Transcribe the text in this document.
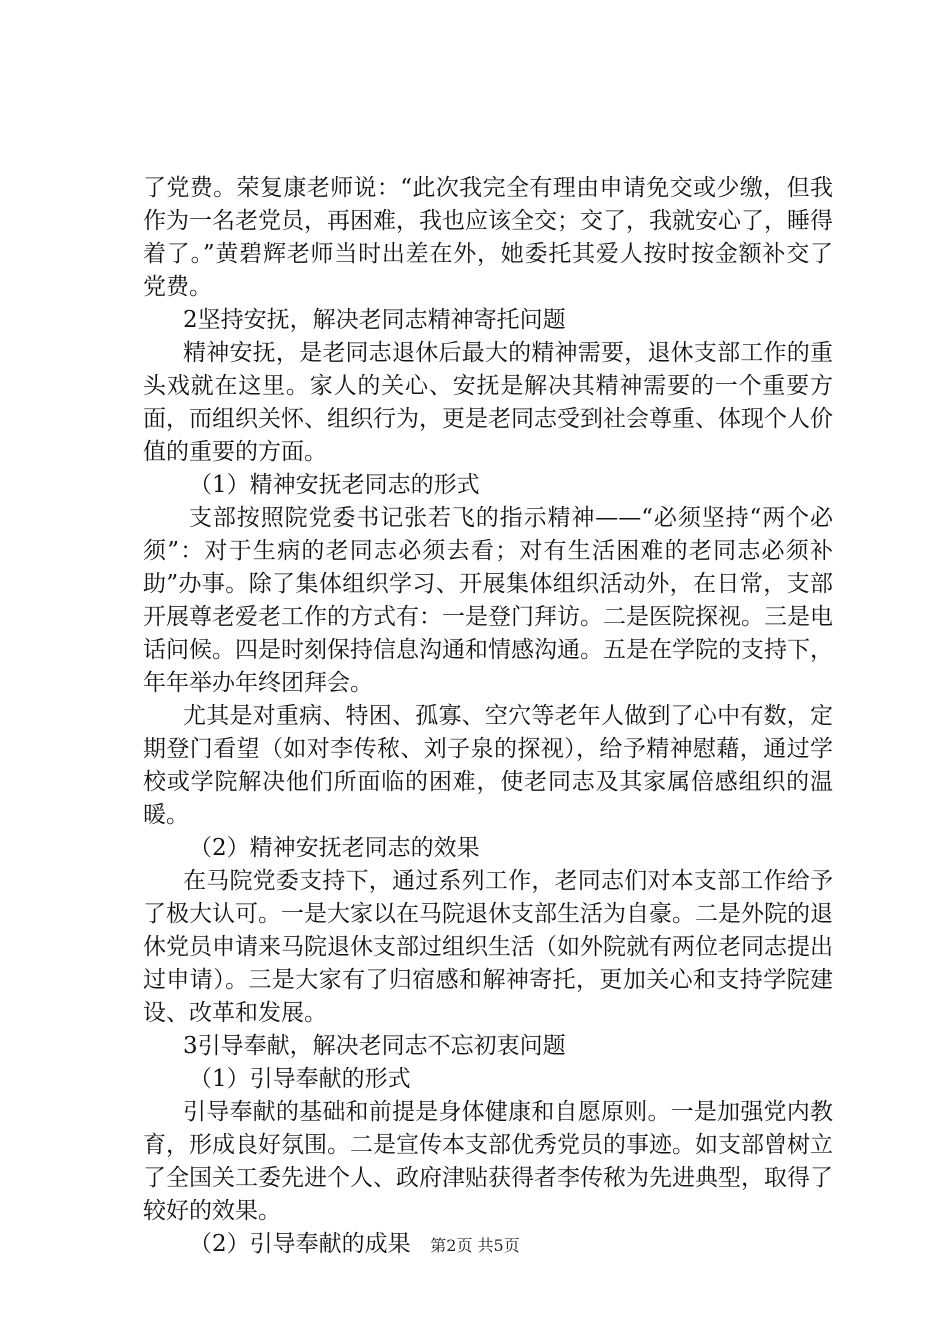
了党费。荣复康老师说：“此次我完全有理由申请免交或少缴，但我作为一名老党员，再困难，我也应该全交；交了，我就安心了，睡得着了。”黄碧辉老师当时出差在外，她委托其爱人按时按金额补交了党费。

2坚持安抚，解决老同志精神寄托问题

精神安抚，是老同志退休后最大的精神需要，退休支部工作的重头戏就在这里。家人的关心、安抚是解决其精神需要的一个重要方面，而组织关怀、组织行为，更是老同志受到社会尊重、体现个人价值的重要的方面。

（1）精神安抚老同志的形式

支部按照院党委书记张若飞的指示精神——“必须坚持“两个必须”：对于生病的老同志必须去看；对有生活困难的老同志必须补助”办事。除了集体组织学习、开展集体组织活动外，在日常，支部开展尊老爱老工作的方式有：一是登门拜访。二是医院探视。三是电话问候。四是时刻保持信息沟通和情感沟通。五是在学院的支持下，年年举办年终团拜会。

尤其是对重病、特困、孤寡、空穴等老年人做到了心中有数，定期登门看望（如对李传秾、刘子泉的探视），给予精神慰藉，通过学校或学院解决他们所面临的困难，使老同志及其家属倍感组织的温暖。

（2）精神安抚老同志的效果

在马院党委支持下，通过系列工作，老同志们对本支部工作给予了极大认可。一是大家以在马院退休支部生活为自豪。二是外院的退休党员申请来马院退休支部过组织生活（如外院就有两位老同志提出过申请）。三是大家有了归宿感和解神寄托，更加关心和支持学院建设、改革和发展。

3引导奉献，解决老同志不忘初衷问题

（1）引导奉献的形式

引导奉献的基础和前提是身体健康和自愿原则。一是加强党内教育，形成良好氛围。二是宣传本支部优秀党员的事迹。如支部曾树立了全国关工委先进个人、政府津贴获得者李传秾为先进典型，取得了较好的效果。

（2）引导奉献的成果	第2页 共5页
